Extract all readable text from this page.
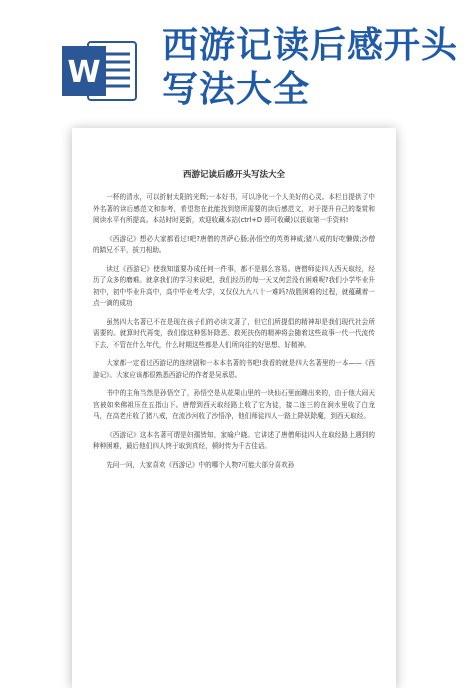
W
西游记读后感开头写法大全
西游记读后感开头写法大全

一杯的清水，可以折射太阳的光辉;一本好书，可以净化一个人美好的心灵。本栏目提供了中外名著的读后感范文和参考，希望您在此能找到您所需要的读后感范文，对于提升自己的鉴赏和阅读水平有所提高。本站时时更新，欢迎收藏本站(ctrl+D 即可收藏)以获取第一手资料!

《西游记》想必大家都看过!吧?唐僧的菩萨心肠;孙悟空的英勇神威;猪八戒的好吃懒做;沙僧的踏兄不平，拔刀相助。

读过《西游记》使我知道要办成任何一件事，都不是那么容易。唐僧师徒四人西天取经，经历了众多的磨难。就拿我们的学习来说吧，我们经历的每一天又何尝没有困难呢?我们小学毕业升初中，初中毕业升高中，高中毕业考大学，又仅仅九九八十一难吗?战胜困难的过程，就蕴藏着一点一滴的成功

虽然四大名著已不在是现在孩子们的必读文著了，但它们所提倡的精神却是我们现代社会所需要的。就算时代再变，我们像这种惩奸除恶、救死扶伤的精神将会随着这些故事一代一代流传下去，不管在什么年代，什么时期这些都是人们所向往的好思想、好精神。

大家都一定看过西游记的连续剧和一本本名著的书吧!我看的就是四大名著里的一本——《西游记》。大家应该都很熟悉西游记的作者是吴承恩。

书中的主角当然是孙悟空了，孙悟空是从花果山里的一块仙石里面蹦出来的，由于他大闹天宫被如来佛祖压在五指山下。唐僧到西天取经路上收了它为徒，接二连三的在涧水里收了白龙马，在高老庄收了猪八戒，在流沙河收了沙悟净，他们师徒四人一路上降妖除魔，到西天取经。

《西游记》这本名著可谓是妇孺皆知，家喻户晓。它讲述了唐僧师徒四人在取经路上遇到的种种困难，最后他们四人终于取到真经，顿时传为千古佳话。

先问一问，大家喜欢《西游记》中的哪个人物?可能大部分喜欢孙
